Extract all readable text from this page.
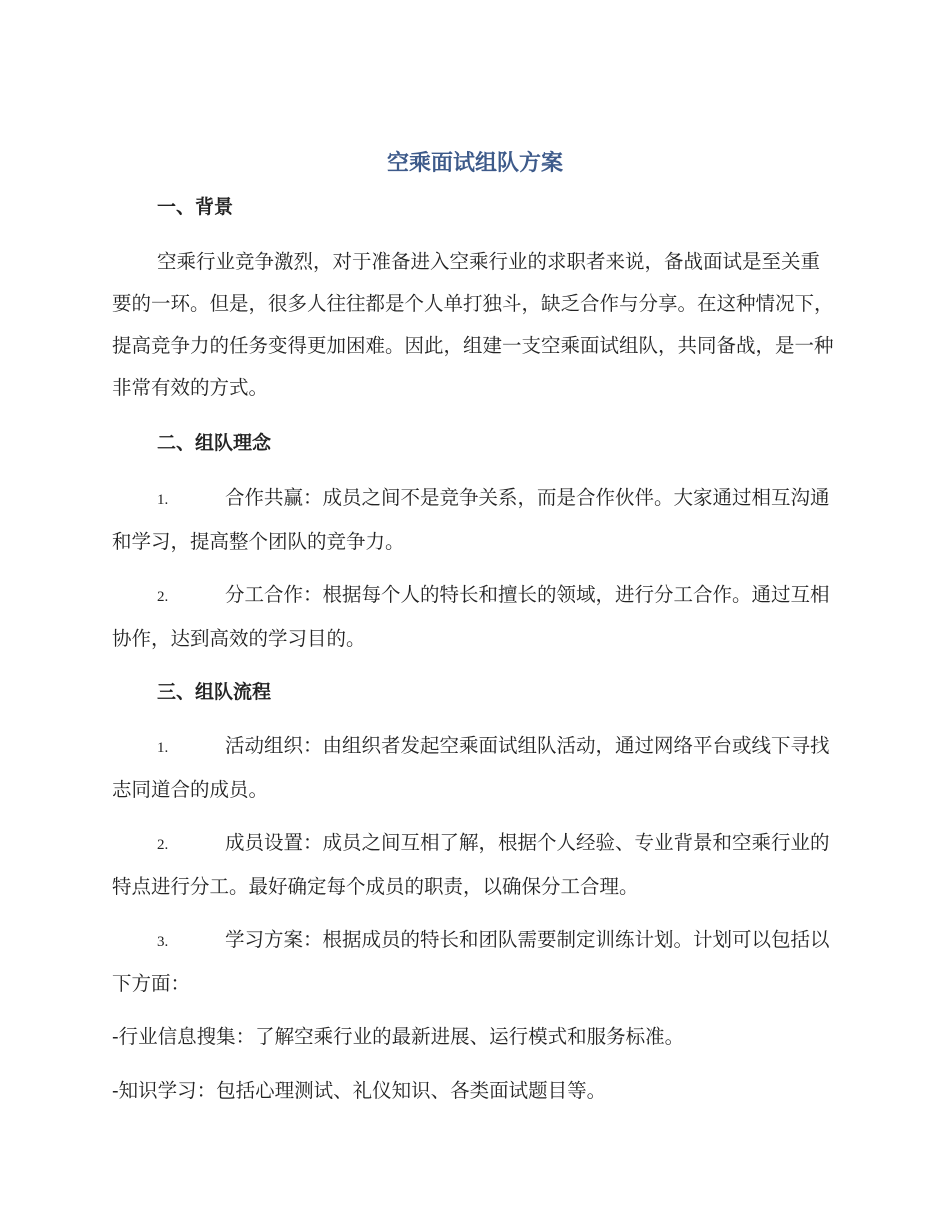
空乘面试组队方案
一、背景
空乘行业竞争激烈，对于准备进入空乘行业的求职者来说，备战面试是至关重要的一环。但是，很多人往往都是个人单打独斗，缺乏合作与分享。在这种情况下，提高竞争力的任务变得更加困难。因此，组建一支空乘面试组队，共同备战，是一种非常有效的方式。
二、组队理念
1.	合作共赢：成员之间不是竞争关系，而是合作伙伴。大家通过相互沟通和学习，提高整个团队的竞争力。
2.	分工合作：根据每个人的特长和擅长的领域，进行分工合作。通过互相协作，达到高效的学习目的。
三、组队流程
1.	活动组织：由组织者发起空乘面试组队活动，通过网络平台或线下寻找志同道合的成员。
2.	成员设置：成员之间互相了解，根据个人经验、专业背景和空乘行业的特点进行分工。最好确定每个成员的职责，以确保分工合理。
3.	学习方案：根据成员的特长和团队需要制定训练计划。计划可以包括以下方面：
-行业信息搜集：了解空乘行业的最新进展、运行模式和服务标准。
-知识学习：包括心理测试、礼仪知识、各类面试题目等。
